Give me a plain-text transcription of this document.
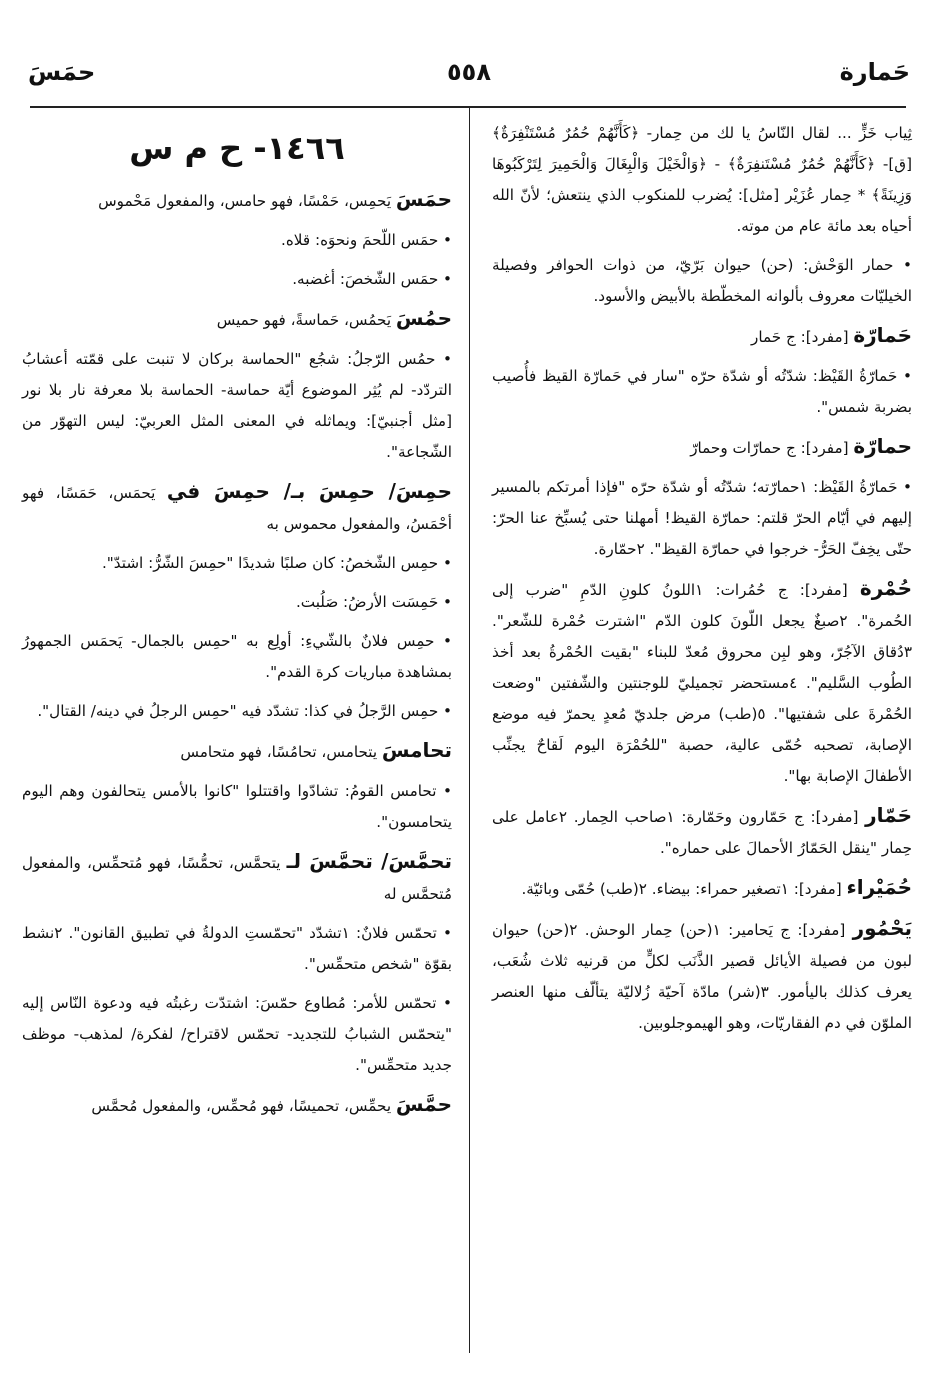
حَمارة
٥٥٨
حمَسَ

ثِياب خَزٍّ ... لقال النّاسُ يا لك من حِمار- ﴿كَأَنَّهُمْ حُمُرٌ مُسْتَنْفِرَةٌ﴾ [ق]- ﴿كَأَنَّهُمْ حُمُرٌ مُسْتَنفِرَةٌ﴾ - ﴿وَالْخَيْلَ وَالْبِغَالَ وَالْحَمِيرَ لِتَرْكَبُوهَا وَزِينَةً﴾ * حِمار عُزَيْر [مثل]: يُضرب للمنكوب الذي ينتعش؛ لأنّ الله أحياه بعد مائة عام من موته.

• حمار الوَحْش: (حن) حيوان بَرّيّ، من ذوات الحوافر وفصيلة الخيليّات معروف بألوانه المخطّطة بالأبيض والأسود.

حَمارّة [مفرد]: ج حَمار

• حَمارّةُ القَيْظ: شدّتُه أو شدّة حرّه "سار في حَمارّة القيظ فأُصيب بضربة شمس".

حمارّة [مفرد]: ج حمارّات وحمارّ

• حَمارّةُ القَيْظ: ١حمارّته؛ شدّتُه أو شدّة حرّه "فإذا أمرتكم بالمسير إليهم في أيّام الحرّ قلتم: حمارّة القيظ! أمهلنا حتى يُسبِّخ عنا الحرّ: حتّى يخِفّ الحَرُّ- خرجوا في حمارّة القيظ". ٢حمّارة.

حُمْرة [مفرد]: ج حُمُرات: ١اللونُ كلونِ الدّمِ "ضرب إلى الحُمرة". ٢صبغٌ يجعل اللّونَ كلون الدّم "اشترت حُمْرة للشّعر". ٣دُقاق الآجُرّ، وهو لبِن محروق مُعدّ للبناء "بقيت الحُمْرةُ بعد أخذ الطُوب السَّليم". ٤مستحضر تجميليّ للوجنتين والشّفتين "وضعت الحُمْرةَ على شفتيها". ٥(طب) مرض جلديّ مُعدٍ يحمرّ فيه موضع الإصابة، تصحبه حُمّى عالية، حصبة "للحُمْرَة اليوم لَقاحٌ يجنِّب الأطفالَ الإصابة بها".

حَمّار [مفرد]: ج حَمّارون وحَمّارة: ١صاحب الحِمار. ٢عامل على حِمار "ينقل الحَمّارُ الأحمالَ على حماره".

حُمَيْراء [مفرد]: ١تصغير حمراء: بيضاء. ٢(طب) حُمّى وبائيّة.

يَحْمُور [مفرد]: ج يَحامير: ١(حن) حِمار الوحش. ٢(حن) حيوان لبون من فصيلة الأيائل قصير الذَّنَب لكلٍّ من قرنيه ثلاث شُعَب، يعرف كذلك باليأمور. ٣(شر) مادّة آحيّة زُلاليّة يتألّف منها العنصر الملوّن في دم الفقاريّات، وهو الهيموجلوبين.

١٤٦٦- ح م س

حمَسَ يَحمِس، حَمْسًا، فهو حامس، والمفعول مَحْموس

• حمَس اللّحمَ ونحوَه: قلاه.

• حمَس الشّخصَ: أغضبه.

حمُسَ يَحمُس، حَماسةً، فهو حميس

• حمُس الرّجلُ: شجُع "الحماسة بركان لا تنبت على قمّته أعشابُ التردّد- لم يُثِر الموضوع أيّة حماسة- الحماسة بلا معرفة نار بلا نور [مثل أجنبيّ]: ويماثله في المعنى المثل العربيّ: ليس التهوّر من الشّجاعة".

حمِسَ/ حمِسَ بـ/ حمِسَ في يَحمَس، حَمَسًا، فهو أحْمَسُ، والمفعول محموس به

• حمِس الشّخصُ: كان صلبًا شديدًا "حمِسَ الشّرُّ: اشتدّ".

• حَمِسَت الأرضُ: صَلُبت.

• حمِس فلانٌ بالشّيءِ: أولِع به "حمِس بالجمال- يَحمَس الجمهورُ بمشاهدة مباريات كرة القدم".

• حمِس الرَّجلُ في كذا: تشدّد فيه "حمِس الرجلُ في دينه/ القتال".

تحامسَ يتحامس، تحامُسًا، فهو متحامس

• تحامس القومُ: تشادّوا واقتتلوا "كانوا بالأمس يتحالفون وهم اليوم يتحامسون".

تحمَّسَ/ تحمَّسَ لـ يتحمَّس، تحمُّسًا، فهو مُتحمِّس، والمفعول مُتحمَّس له

• تحمّس فلانٌ: ١تشدّد "تحمّستِ الدولةُ في تطبيق القانون". ٢نشط بقوّة "شخص متحمِّس".

• تحمّس للأمر: مُطاوع حمّسَ: اشتدّت رغبتُه فيه ودعوة النّاس إليه "يتحمّس الشبابُ للتجديد- تحمّس لاقتراح/ لفكرة/ لمذهب- موظف جديد متحمِّس".

حمَّسَ يحمِّس، تحميسًا، فهو مُحمِّس، والمفعول مُحمَّس
